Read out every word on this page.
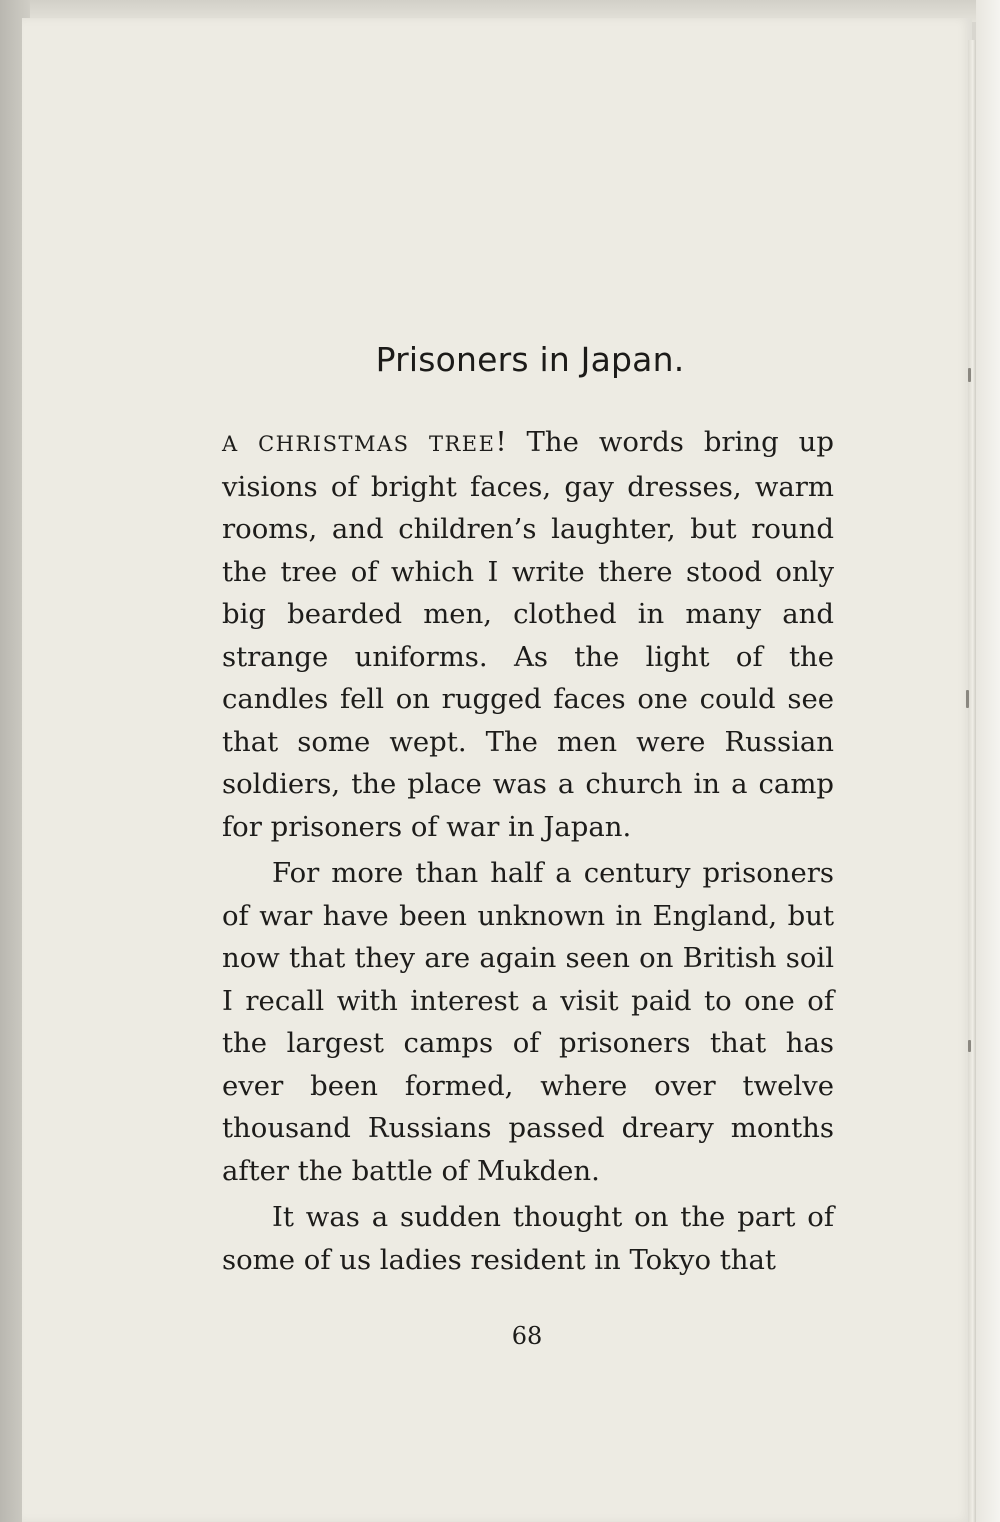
Prisoners in Japan.

A CHRISTMAS TREE! The words bring up visions of bright faces, gay dresses, warm rooms, and children’s laughter, but round the tree of which I write there stood only big bearded men, clothed in many and strange uniforms. As the light of the candles fell on rugged faces one could see that some wept. The men were Russian soldiers, the place was a church in a camp for prisoners of war in Japan.

For more than half a century prisoners of war have been unknown in England, but now that they are again seen on British soil I recall with interest a visit paid to one of the largest camps of prisoners that has ever been formed, where over twelve thousand Russians passed dreary months after the battle of Mukden.

It was a sudden thought on the part of some of us ladies resident in Tokyo that

68
